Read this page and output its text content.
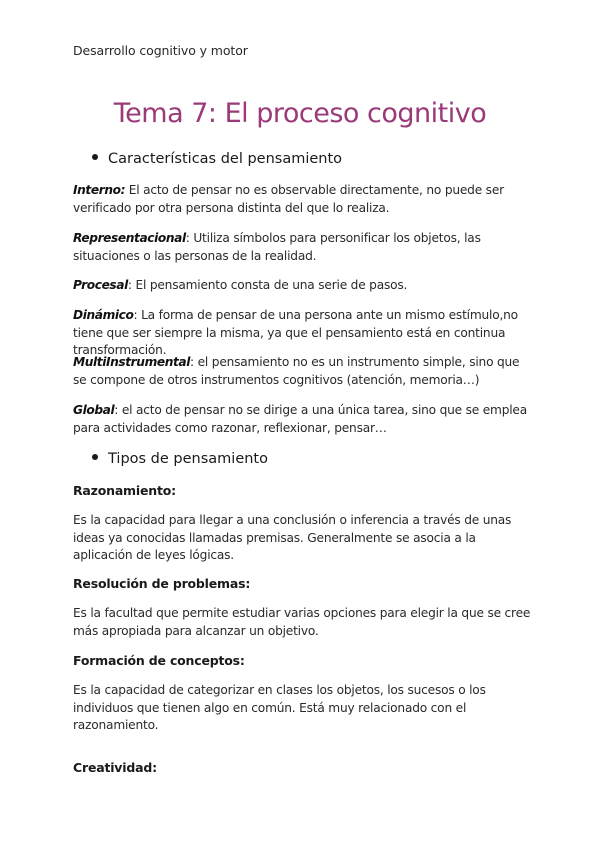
Desarrollo cognitivo y motor
Tema 7: El proceso cognitivo
Características del pensamiento
Interno: El acto de pensar no es observable directamente, no puede ser verificado por otra persona distinta del que lo realiza.
Representacional: Utiliza símbolos para personificar los objetos, las situaciones o las personas de la realidad.
Procesal: El pensamiento consta de una serie de pasos.
Dinámico: La forma de pensar de una persona ante un mismo estímulo,no tiene que ser siempre la misma, ya que el pensamiento está en continua transformación.
MultiInstrumental: el pensamiento no es un instrumento simple, sino que se compone de otros instrumentos cognitivos (atención, memoria…)
Global: el acto de pensar no se dirige a una única tarea, sino que se emplea para actividades como razonar, reflexionar, pensar…
Tipos de pensamiento
Razonamiento:
Es la capacidad para llegar a una conclusión o inferencia a través de unas ideas ya conocidas llamadas premisas. Generalmente se asocia a la aplicación de leyes lógicas.
Resolución de problemas:
Es la facultad que permite estudiar varias opciones para elegir la que se cree más apropiada para alcanzar un objetivo.
Formación de conceptos:
Es la capacidad de categorizar en clases los objetos, los sucesos o los individuos que tienen algo en común. Está muy relacionado con el razonamiento.
Creatividad:
